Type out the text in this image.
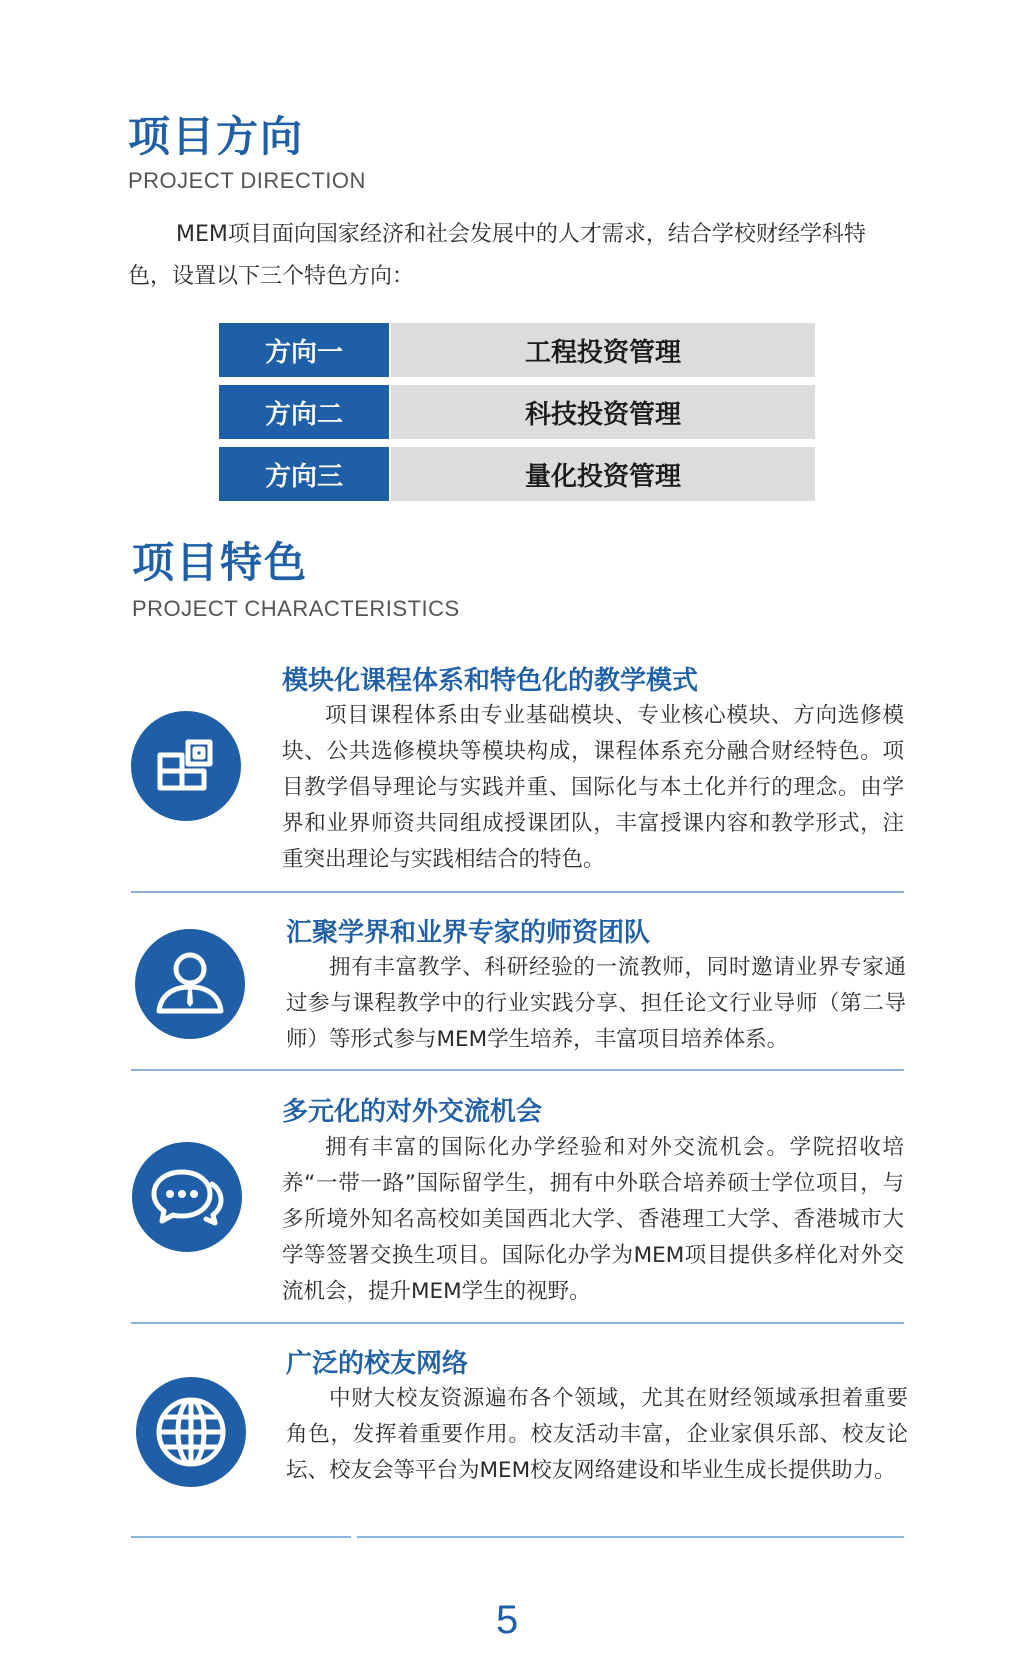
项目方向
PROJECT DIRECTION
MEM项目面向国家经济和社会发展中的人才需求，结合学校财经学科特色，设置以下三个特色方向：
方向一	工程投资管理
方向二	科技投资管理
方向三	量化投资管理
项目特色
PROJECT CHARACTERISTICS
模块化课程体系和特色化的教学模式
项目课程体系由专业基础模块、专业核心模块、方向选修模块、公共选修模块等模块构成，课程体系充分融合财经特色。项目教学倡导理论与实践并重、国际化与本土化并行的理念。由学界和业界师资共同组成授课团队，丰富授课内容和教学形式，注重突出理论与实践相结合的特色。
汇聚学界和业界专家的师资团队
拥有丰富教学、科研经验的一流教师，同时邀请业界专家通过参与课程教学中的行业实践分享、担任论文行业导师（第二导师）等形式参与MEM学生培养，丰富项目培养体系。
多元化的对外交流机会
拥有丰富的国际化办学经验和对外交流机会。学院招收培养“一带一路”国际留学生，拥有中外联合培养硕士学位项目，与多所境外知名高校如美国西北大学、香港理工大学、香港城市大学等签署交换生项目。国际化办学为MEM项目提供多样化对外交流机会，提升MEM学生的视野。
广泛的校友网络
中财大校友资源遍布各个领域，尤其在财经领域承担着重要角色，发挥着重要作用。校友活动丰富，企业家俱乐部、校友论坛、校友会等平台为MEM校友网络建设和毕业生成长提供助力。
5
